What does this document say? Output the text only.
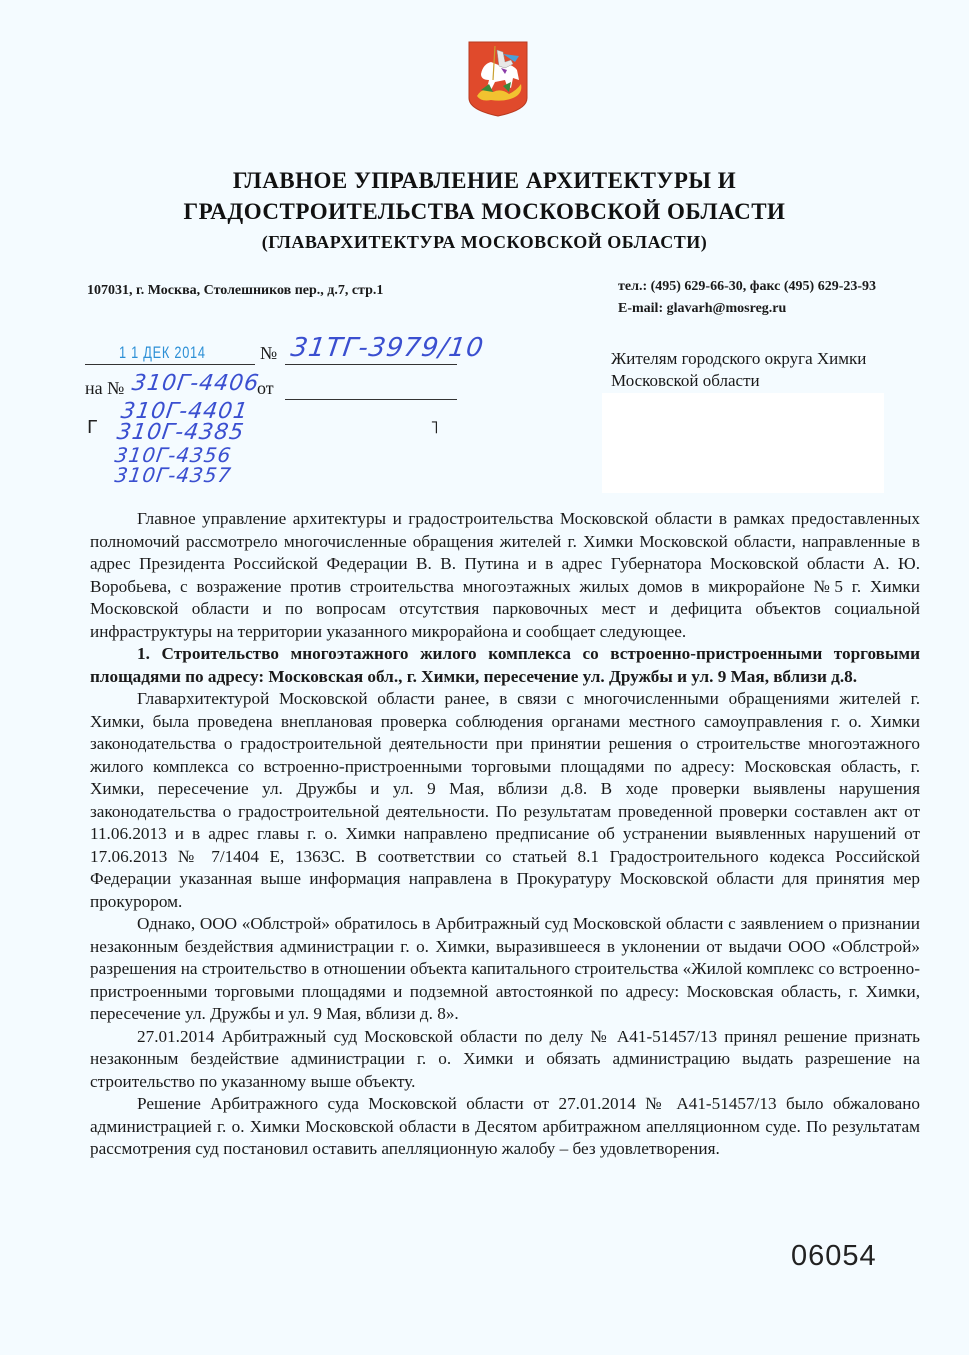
ГЛАВНОЕ УПРАВЛЕНИЕ АРХИТЕКТУРЫ И
ГРАДОСТРОИТЕЛЬСТВА МОСКОВСКОЙ ОБЛАСТИ
(ГЛАВАРХИТЕКТУРА МОСКОВСКОЙ ОБЛАСТИ)
107031, г. Москва, Столешников пер., д.7, стр.1	тел.: (495) 629-66-30, факс (495) 629-23-93
E-mail: glavarh@mosreg.ru
1 1 ДЕК 2014	№ 31ТГ-3979/10
на № 310Г-4406
от
310Г-4401
310Г-4385
310Г-4356
310Г-4357
Г	˥
Жителям городского округа Химки
Московской области

Главное управление архитектуры и градостроительства Московской области в рамках предоставленных полномочий рассмотрело многочисленные обращения жителей г. Химки Московской области, направленные в адрес Президента Российской Федерации В. В. Путина и в адрес Губернатора Московской области А. Ю. Воробьева, с возражение против строительства многоэтажных жилых домов в микрорайоне №5 г. Химки Московской области и по вопросам отсутствия парковочных мест и дефицита объектов социальной инфраструктуры на территории указанного микрорайона и сообщает следующее.

1. Строительство многоэтажного жилого комплекса со встроенно-пристроенными торговыми площадями по адресу: Московская обл., г. Химки, пересечение ул. Дружбы и ул. 9 Мая, вблизи д.8.

Главархитектурой Московской области ранее, в связи с многочисленными обращениями жителей г. Химки, была проведена внеплановая проверка соблюдения органами местного самоуправления г. о. Химки законодательства о градостроительной деятельности при принятии решения о строительстве многоэтажного жилого комплекса со встроенно-пристроенными торговыми площадями по адресу: Московская область, г. Химки, пересечение ул. Дружбы и ул. 9 Мая, вблизи д.8. В ходе проверки выявлены нарушения законодательства о градостроительной деятельности. По результатам проведенной проверки составлен акт от 11.06.2013 и в адрес главы г. о. Химки направлено предписание об устранении выявленных нарушений от 17.06.2013 № 7/1404 Е, 1363С. В соответствии со статьей 8.1 Градостроительного кодекса Российской Федерации указанная выше информация направлена в Прокуратуру Московской области для принятия мер прокурором.

Однако, ООО «Облстрой» обратилось в Арбитражный суд Московской области с заявлением о признании незаконным бездействия администрации г. о. Химки, выразившееся в уклонении от выдачи ООО «Облстрой» разрешения на строительство в отношении объекта капитального строительства «Жилой комплекс со встроенно-пристроенными торговыми площадями и подземной автостоянкой по адресу: Московская область, г. Химки, пересечение ул. Дружбы и ул. 9 Мая, вблизи д. 8».

27.01.2014 Арбитражный суд Московской области по делу № А41-51457/13 принял решение признать незаконным бездействие администрации г. о. Химки и обязать администрацию выдать разрешение на строительство по указанному выше объекту.

Решение Арбитражного суда Московской области от 27.01.2014 № А41-51457/13 было обжаловано администрацией г. о. Химки Московской области в Десятом арбитражном апелляционном суде. По результатам рассмотрения суд постановил оставить апелляционную жалобу – без удовлетворения.

06054
